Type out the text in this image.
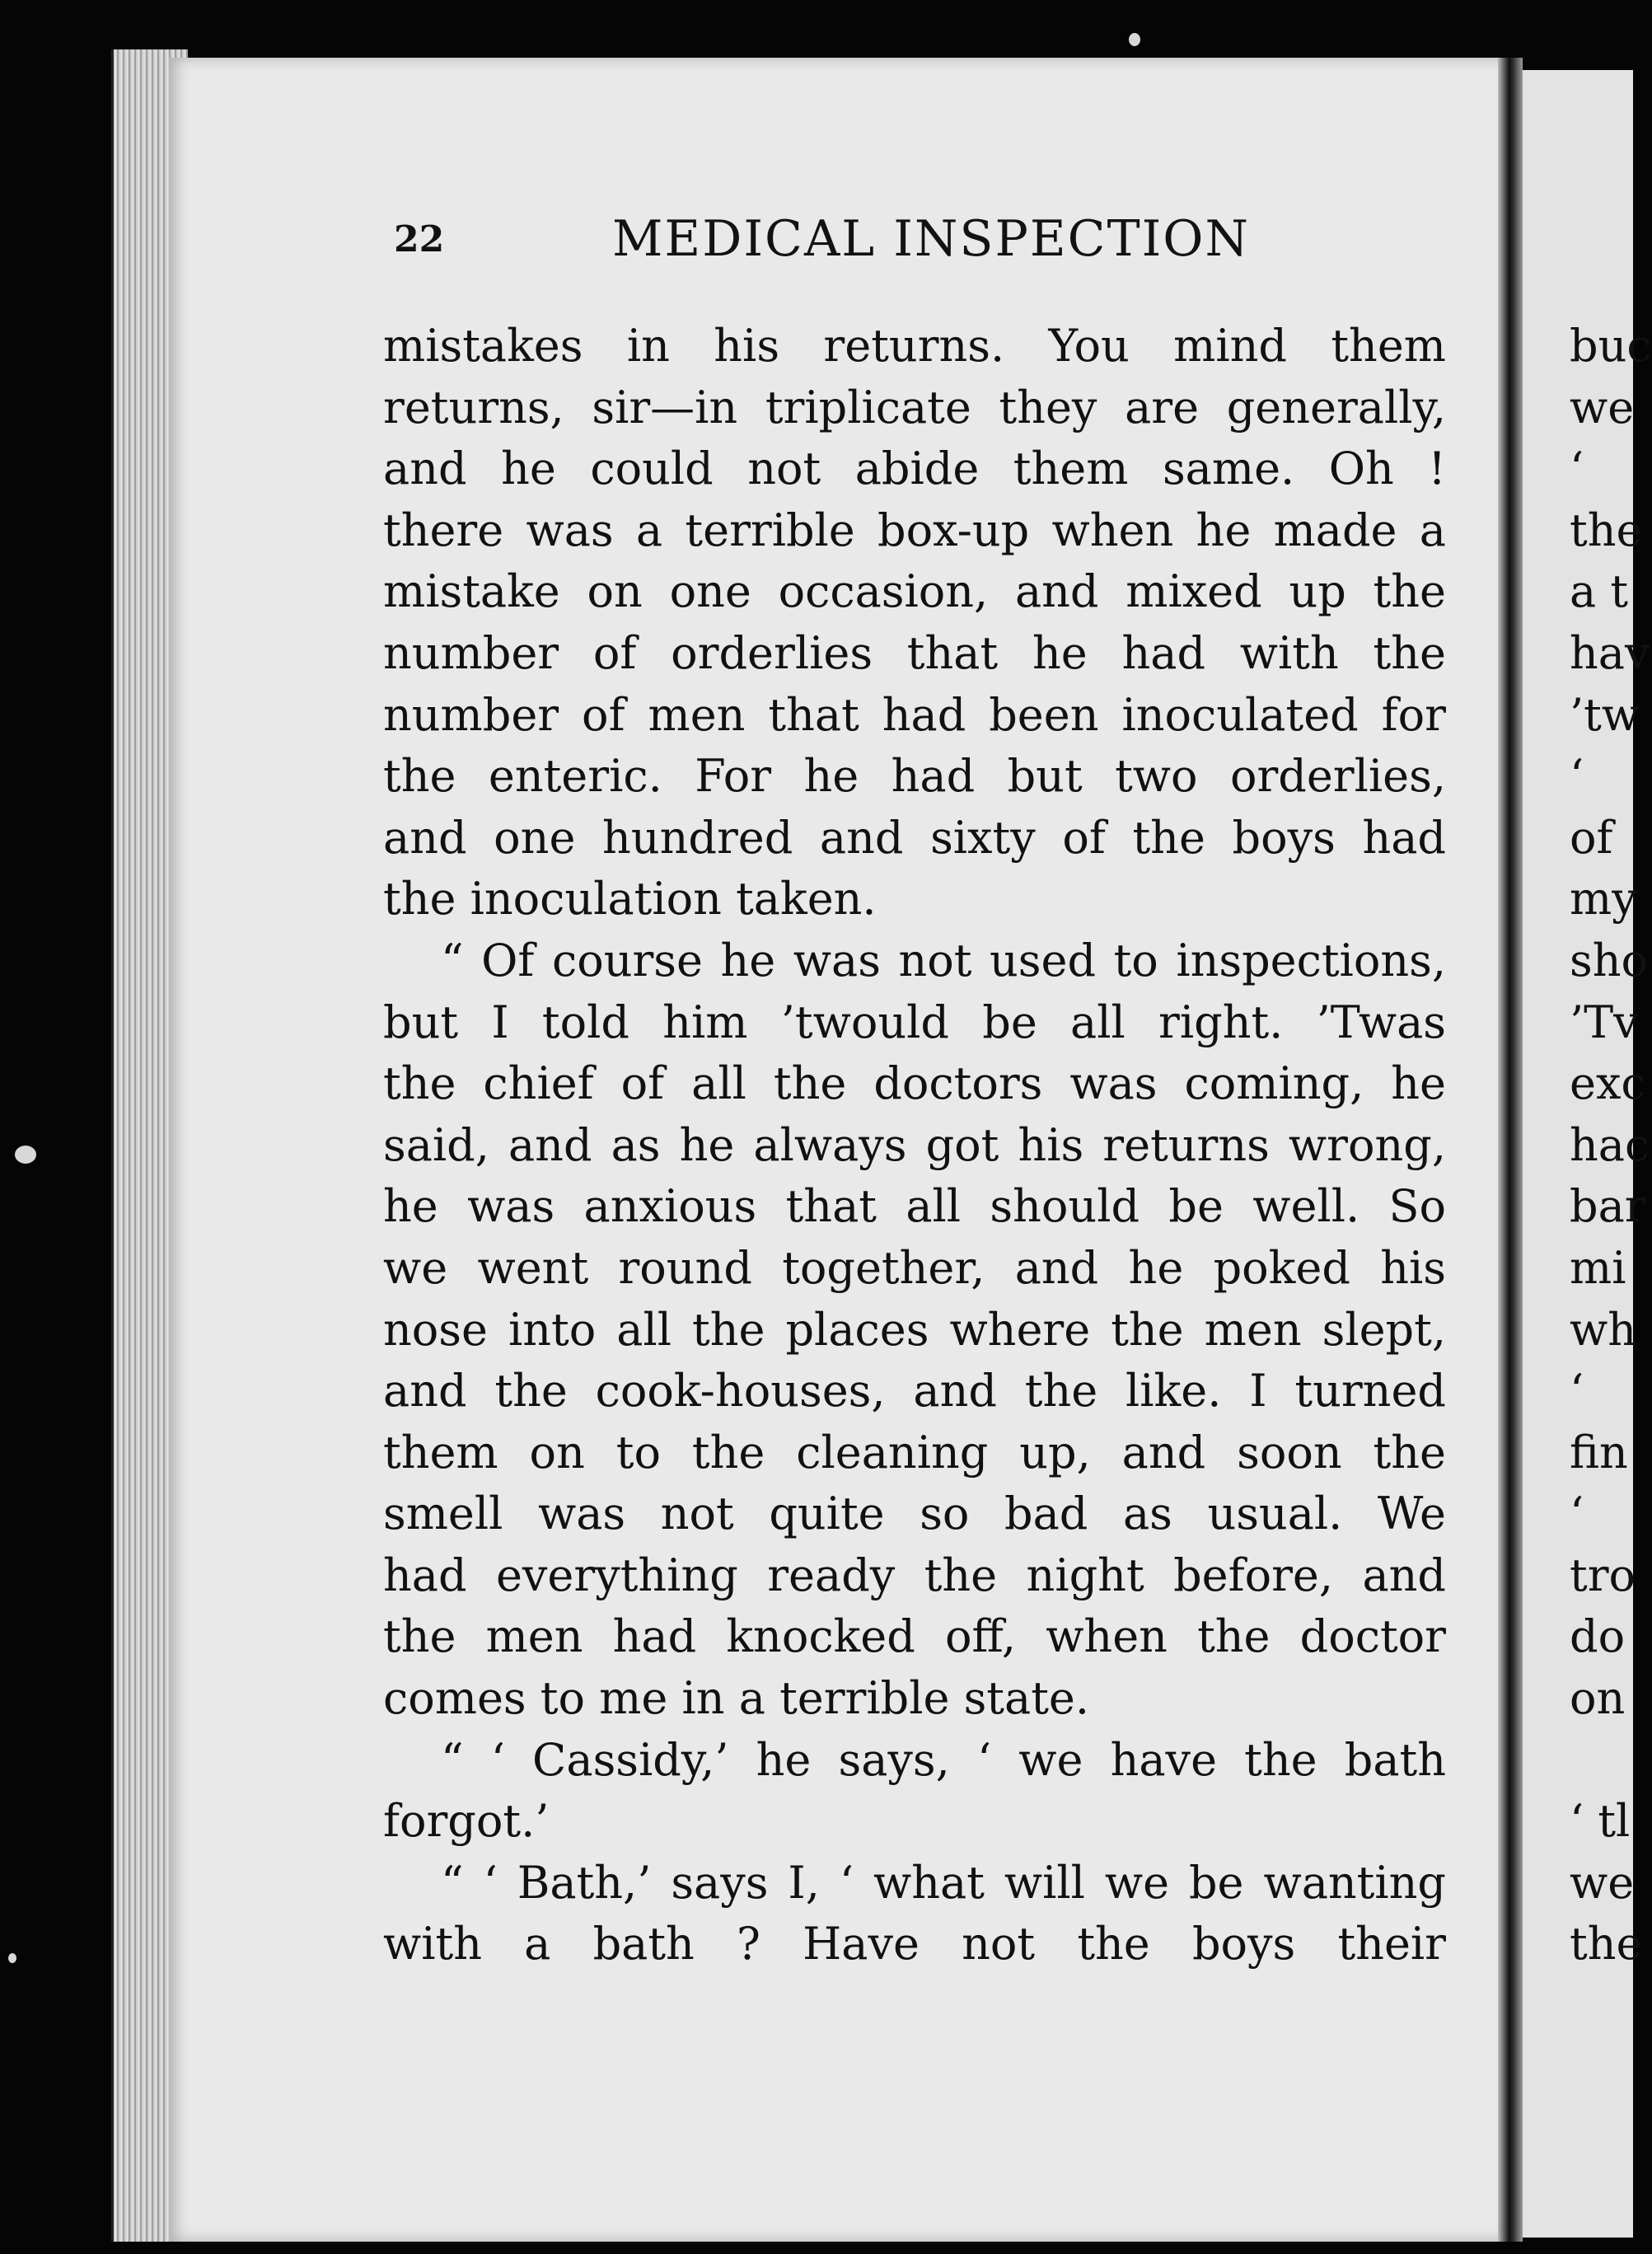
22	MEDICAL INSPECTION
mistakes in his returns. You mind them
returns, sir—in triplicate they are generally,
and he could not abide them same. Oh !
there was a terrible box-up when he made a
mistake on one occasion, and mixed up the
number of orderlies that he had with the
number of men that had been inoculated for
the enteric. For he had but two orderlies,
and one hundred and sixty of the boys had
the inoculation taken.
“ Of course he was not used to inspections,
but I told him ’twould be all right. ’Twas
the chief of all the doctors was coming, he
said, and as he always got his returns wrong,
he was anxious that all should be well. So
we went round together, and he poked his
nose into all the places where the men slept,
and the cook-houses, and the like. I turned
them on to the cleaning up, and soon the
smell was not quite so bad as usual. We
had everything ready the night before, and
the men had knocked off, when the doctor
comes to me in a terrible state.
“ ‘ Cassidy,’ he says, ‘ we have the bath
forgot.’
“ ‘ Bath,’ says I, ‘ what will we be wanting
with a bath ? Have not the boys their
buc
we
‘
the
a t
hav
’tw
‘
of
my
sho
’Tv
exc
hac
bar
mi
wh
‘
fin
‘
tro
do
on
‘ tl
we
the
